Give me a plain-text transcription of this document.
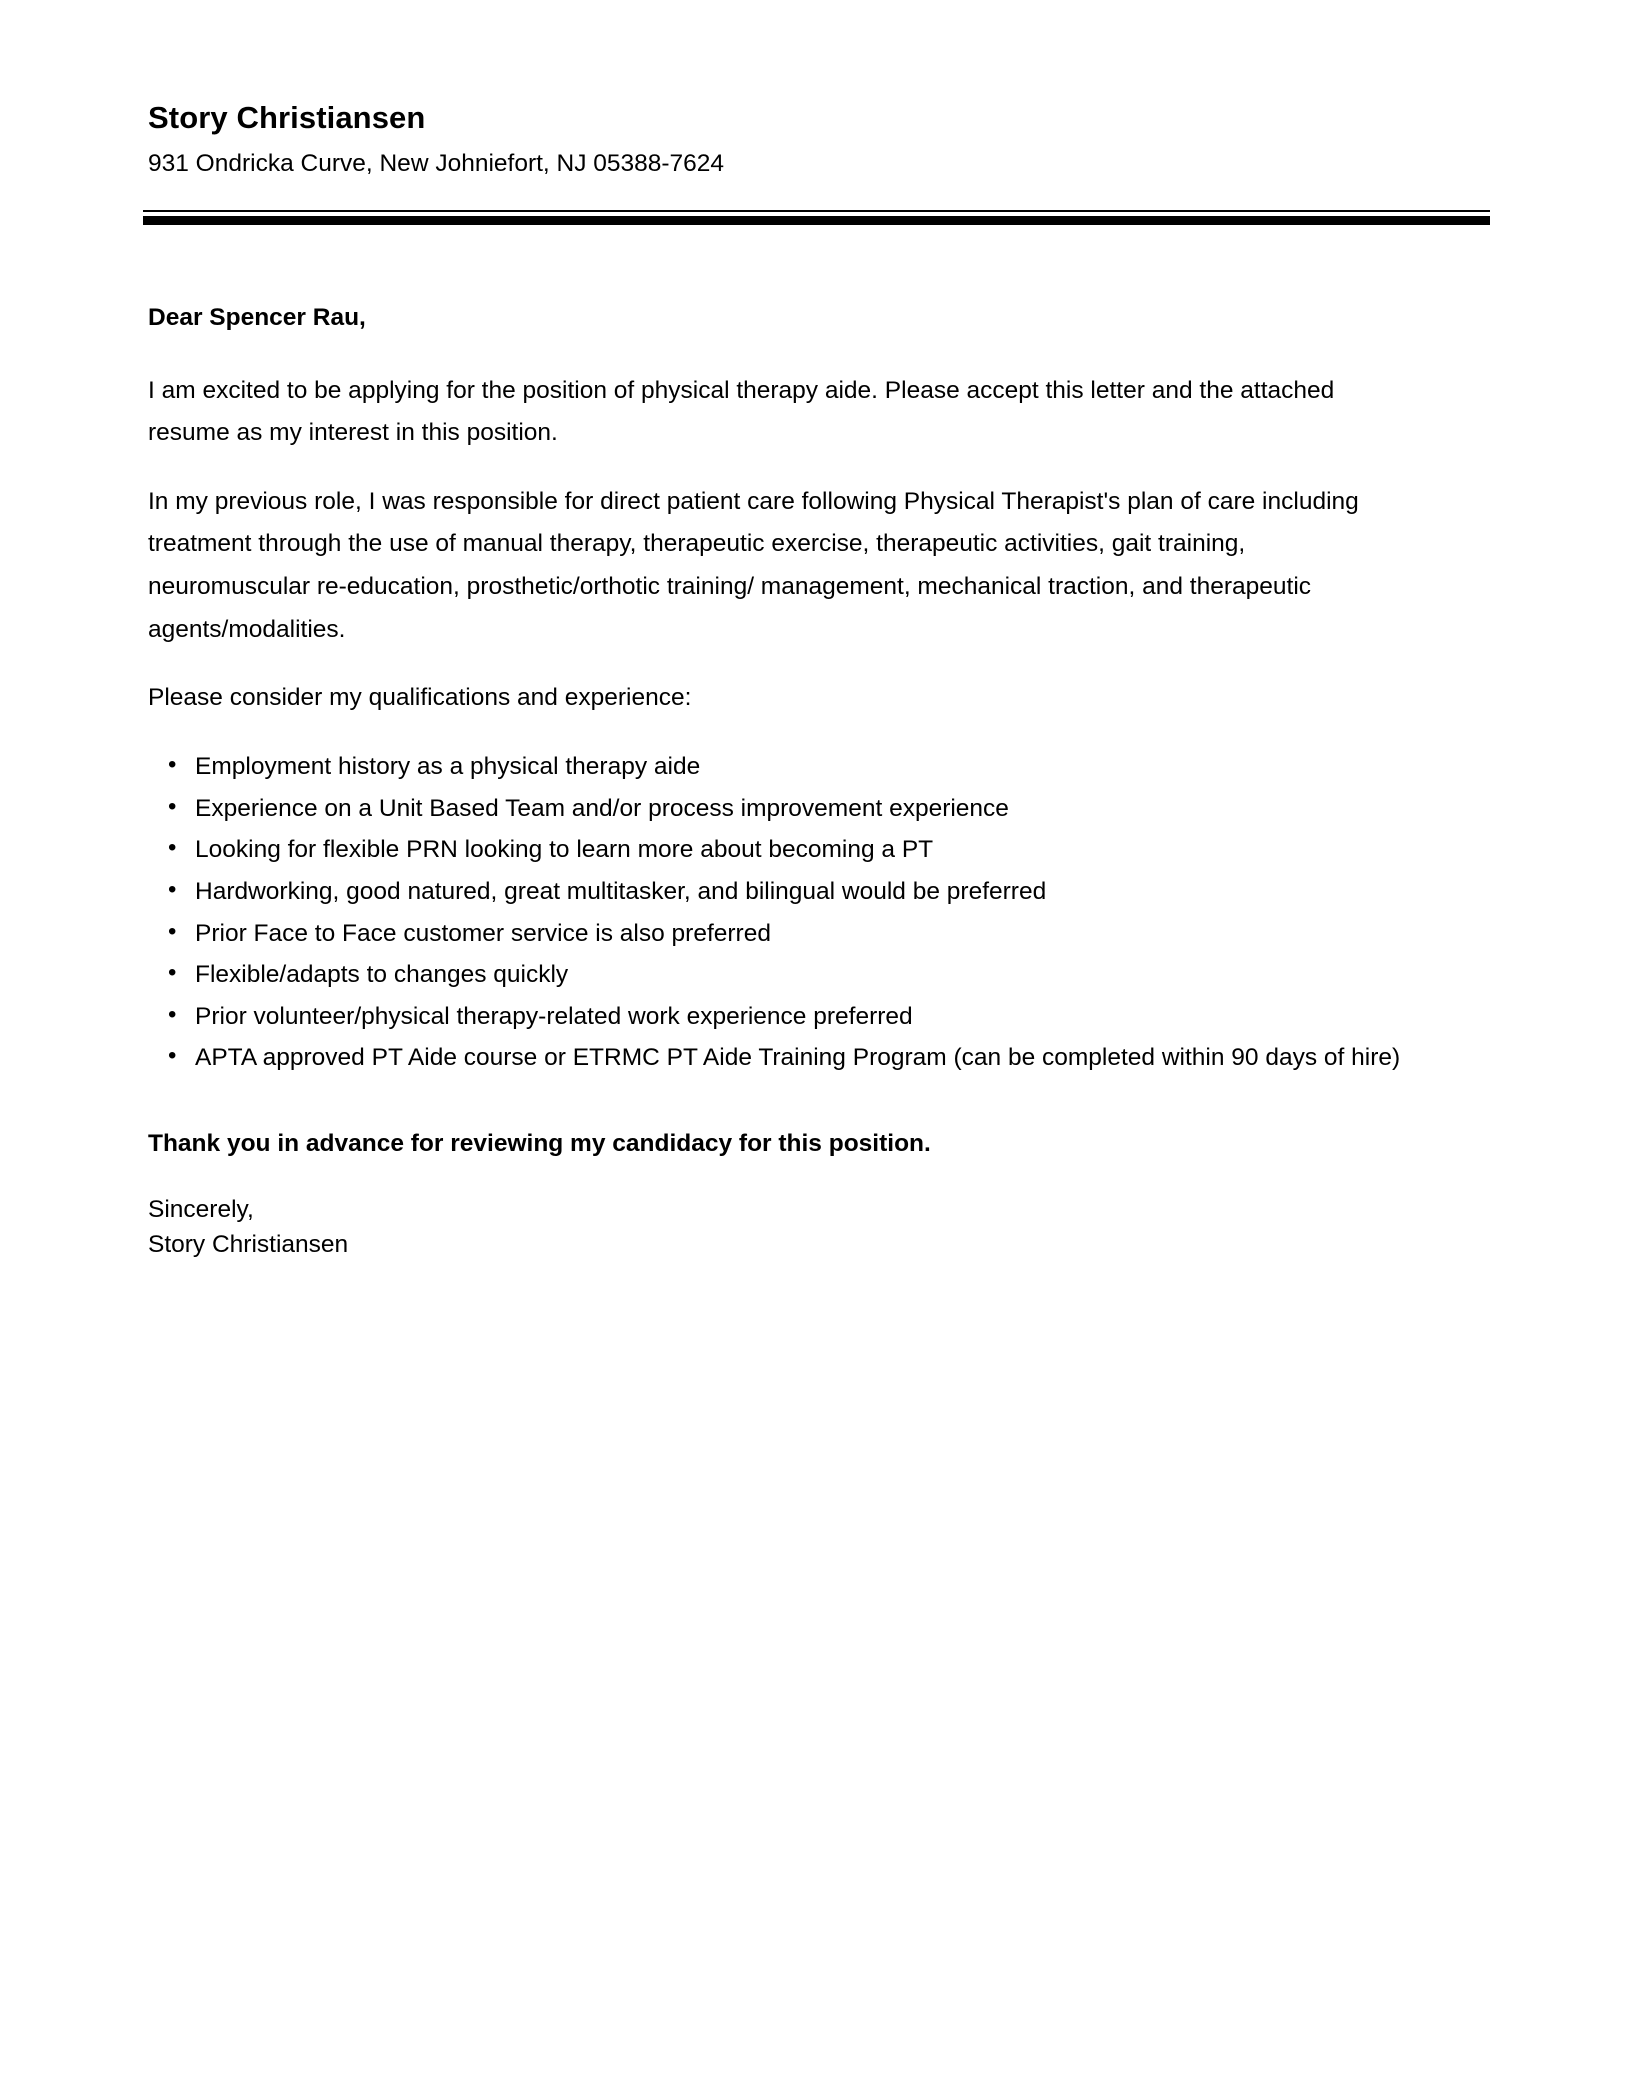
Story Christiansen

931 Ondricka Curve, New Johniefort, NJ 05388-7624

Dear Spencer Rau,

I am excited to be applying for the position of physical therapy aide. Please accept this letter and the attached resume as my interest in this position.

In my previous role, I was responsible for direct patient care following Physical Therapist's plan of care including treatment through the use of manual therapy, therapeutic exercise, therapeutic activities, gait training, neuromuscular re-education, prosthetic/orthotic training/ management, mechanical traction, and therapeutic agents/modalities.

Please consider my qualifications and experience:

• Employment history as a physical therapy aide
• Experience on a Unit Based Team and/or process improvement experience
• Looking for flexible PRN looking to learn more about becoming a PT
• Hardworking, good natured, great multitasker, and bilingual would be preferred
• Prior Face to Face customer service is also preferred
• Flexible/adapts to changes quickly
• Prior volunteer/physical therapy-related work experience preferred
• APTA approved PT Aide course or ETRMC PT Aide Training Program (can be completed within 90 days of hire)

Thank you in advance for reviewing my candidacy for this position.

Sincerely,

Story Christiansen
